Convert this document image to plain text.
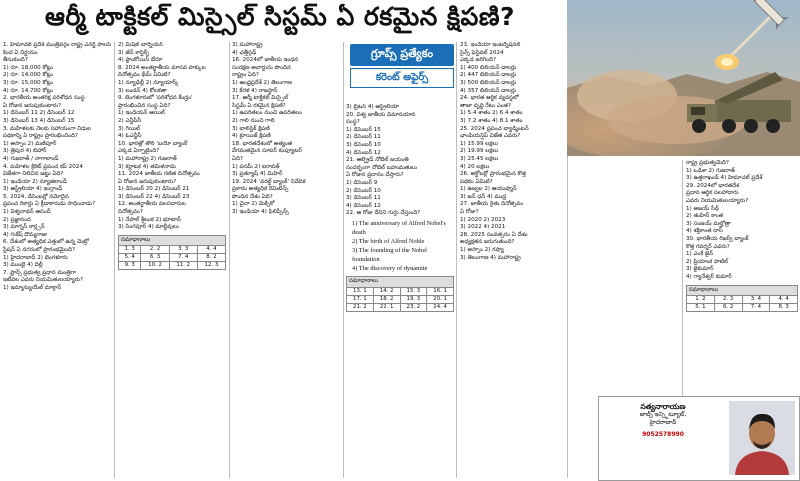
ఆర్మీ టాక్టికల్ మిస్సైల్ సిస్టమ్ ఏ రకమైన క్షిపణి?
గ్రూప్స్ ప్రత్యేకం
కరెంట్ అఫైర్స్

1. హిమాచల్ ప్రదేశ్ మంత్రివర్గం రాష్ట్ర ఎనర్జీ పాలసీ కింద ఏ నిర్ణయం

తీసుకుంది?

1) రూ. 18,000 కోట్లు

2) రూ. 14,000 కోట్లు

3) రూ. 15,000 కోట్లు

4) రూ. 14,700 కోట్లు

2. భారతీయ అంతరిక్ష పరిశోధన సంస్థ

ఏ రోజున జరుపుకుంటారు?

1) డిసెంబర్ 11 2) డిసెంబర్ 12

3) డిసెంబర్ 13 4) డిసెంబర్ 15

3. మహిళలకు నెలకు సహాయంగా నిధుల

పథకాన్ని ఏ రాష్ట్రం ప్రారంభించింది?

1) అస్సాం 2) మణిపూర్

3) త్రిపుర 4) బిహార్

4) గుజరాత్ / నాగాలాండ్

4. మహిళల క్రికెట్ ప్రపంచ కప్ 2024

విజేతగా నిలిచిన జట్టు ఏది?

1) ఇండియా 2) న్యూజిలాండ్

3) ఆస్ట్రేలియా 4) ఇంగ్లాండ్

5. 2024, డిసెంబర్లో నమోదైన

ప్రపంచ రికార్డు ఏ క్రీడాకారుడు సాధించాడు?

1) విశ్వనాథన్ ఆనంద్

2) ప్రజ్ఞానంద

3) మాగ్నస్ కార్ల్సన్

4) గుకేష్ దొమ్మరాజు

6. దేశంలో అత్యధిక ఎత్తులో ఉన్న మెట్రో

స్టేషన్ ఏ నగరంలో ప్రారంభమైంది?

1) హైదరాబాద్ 2) బెంగళూరు

3) ముంబై 4) దిల్లీ

7. ఫ్రాన్స్ ప్రభుత్వ ప్రధాన మంత్రిగా

ఇటీవల ఎవరు నియమితులయ్యారు?

1) ఇమ్మాన్యుయేల్ మాక్రాన్

2) మిషెల్ బార్నియర్

3) జీన్ కాస్టెక్స్

4) ఫ్రాంకోయిస్ బేరూ

8. 2024 అంతర్జాతీయ మానవ హక్కుల

దినోత్సవం థీమ్ ఏమిటి?

1) న్యూఢిల్లీ 2) న్యూయార్క్

3) లండన్ 4) కోలకతా

9. బెంగళూరులో 'పరిశోధన కేంద్రం'

ప్రారంభించిన సంస్థ ఏది?

1) ఇండియన్ ఆయిల్

2) ఎన్టీపీసీ

3) గెయిల్

4) ఓఎన్జీసీ

10. భారత్లో తొలి 'బయో బ్యాంక్'

ఎక్కడ ఏర్పాటైంది?

1) మహారాష్ట్ర 2) గుజరాత్

3) కర్ణాటక 4) తమిళనాడు

11. 2024 జాతీయ గణిత దినోత్సవం

ఏ రోజున జరుపుకుంటారు?

1) డిసెంబర్ 20 2) డిసెంబర్ 21

3) డిసెంబర్ 22 4) డిసెంబర్ 23

12. అంతర్జాతీయ వలసదారుల

దినోత్సవం?

1) నేపాల్ శ్రీలంక 2) భూటాన్

3) సింగపూర్ 4) మాల్దీవులు

సమాధానాలు			
1. 3	2. 2	3. 3	4. 4
5. 4	6. 3	7. 4	8. 2
9. 3	10. 2	11. 2	12. 3

3) మహారాష్ట్ర

4) ఛత్తీస్గఢ్

16. 2024లో జాతీయ ఇంధన

సంరక్షణ అవార్డును పొందిన

రాష్ట్రం ఏది?

1) ఆంధ్రప్రదేశ్ 2) తెలంగాణ

3) కేరళ 4) రాజస్థాన్

17. ఆర్మీ టాక్టికల్ మిస్సైల్

సిస్టమ్ ఏ రకమైన క్షిపణి?

1) ఉపరితలం నుంచి ఉపరితలం

2) గాలి నుంచి గాలి

3) బాలిస్టిక్ క్షిపణి

4) క్రూయిజ్ క్షిపణి

18. భారతదేశంలో అత్యంత

వేగవంతమైన సూపర్ కంప్యూటర్

ఏది?

1) పరమ్ 2) ఐరావత్

3) ప్రత్యూష్ 4) మిహిర్

19. 2024 'వరల్డ్ బ్యాంక్' నివేదిక

ప్రకారం అత్యధిక రెమిటెన్స్

పొందిన దేశం ఏది?

1) చైనా 2) మెక్సికో

3) ఇండియా 4) ఫిలిప్పీన్స్

3) బ్రిటన్ 4) ఆస్ట్రేలియా

20. విశ్వ జాతీయ విమానయాన

సంస్థ?

1) డిసెంబర్ 15

2) డిసెంబర్ 11

3) డిసెంబర్ 10

4) డిసెంబర్ 12

21. ఆల్ఫ్రెడ్ నోబెల్ జయంతి

సందర్భంగా నోబెల్ బహుమతులు

ఏ రోజున ప్రదానం చేస్తారు?

1) డిసెంబర్ 9

2) డిసెంబర్ 10

3) డిసెంబర్ 11

4) డిసెంబర్ 12

22. ఆ రోజు దేనిని గుర్తు చేస్తుంది?

1) The anniversary of Alfred Nobel's death

2) The birth of Alfred Noble

3) The founding of the Nobel foundation

4) The discovery of dynamite

సమాధానాలు			
13. 1	14. 2	15. 3	16. 1
17. 1	18. 2	19. 3	20. 1
21. 2	22. 1	23. 2	24. 4

23. ఇండియా ఇంటర్నేషనల్

సైన్స్ ఫెస్టివల్ 2024

ఎక్కడ జరిగింది?

1) 400 బిలియన్ డాలర్లు

2) 447 బిలియన్ డాలర్లు

3) 500 బిలియన్ డాలర్లు

4) 357 బిలియన్ డాలర్లు

24. భారత ఆర్థిక వ్యవస్థలో

తాజా వృద్ధి రేటు ఎంత?

1) 5.4 శాతం 2) 6.4 శాతం

3) 7.2 శాతం 4) 8.1 శాతం

25. 2024 ప్రపంచ బ్యాడ్మింటన్

ఛాంపియన్షిప్ విజేత ఎవరు?

1) 15.99 లక్షలు

2) 19.99 లక్షలు

3) 25.45 లక్షలు

4) 20 లక్షలు

26. అక్టోబర్లో ప్రారంభమైన కొత్త

పథకం ఏమిటి?

1) ఉజ్వల 2) ఆయుష్మాన్

3) జన్ ధన్ 4) ముద్ర

27. జాతీయ రైతు దినోత్సవం

ఏ రోజు?

1) 2020 2) 2023

3) 2022 4) 2021

28. 2025 సంవత్సరం ఏ దేశం

అధ్యక్షతన జరుగుతుంది?

1) అస్సాం 2) రష్యా

3) తెలంగాణ 4) మహారాష్ట్ర

రాష్ట్ర ప్రభుత్వమేది?

1) ఒడిశా 2) గుజరాత్

3) ఉత్తరాఖండ్ 4) హిమాచల్ ప్రదేశ్

29. 2024లో భారతదేశ

ప్రధాన ఆర్థిక సలహాదారు

ఎవరు నియమితులయ్యారు?

1) అజయ్ సేథ్

2) తుహిన్ కాంత

3) సంజయ్ మల్హోత్రా

4) శక్తికాంత దాస్

30. భారతీయ రిజర్వ్ బ్యాంక్

కొత్త గవర్నర్ ఎవరు?

1) ఎంకే జైన్

2) ప్రియాంక పాటిల్

3) జైకుమార్

4) గ్యానేశ్వర్ కుమార్

సమాధానాలు			
1. 2	2. 3	3. 4	4. 4
5. 1	6. 2	7. 4	8. 3
సత్యనారాయణ
జాబ్స్ ఇన్స్టిట్యూట్,
హైదరాబాద్
9052578990
